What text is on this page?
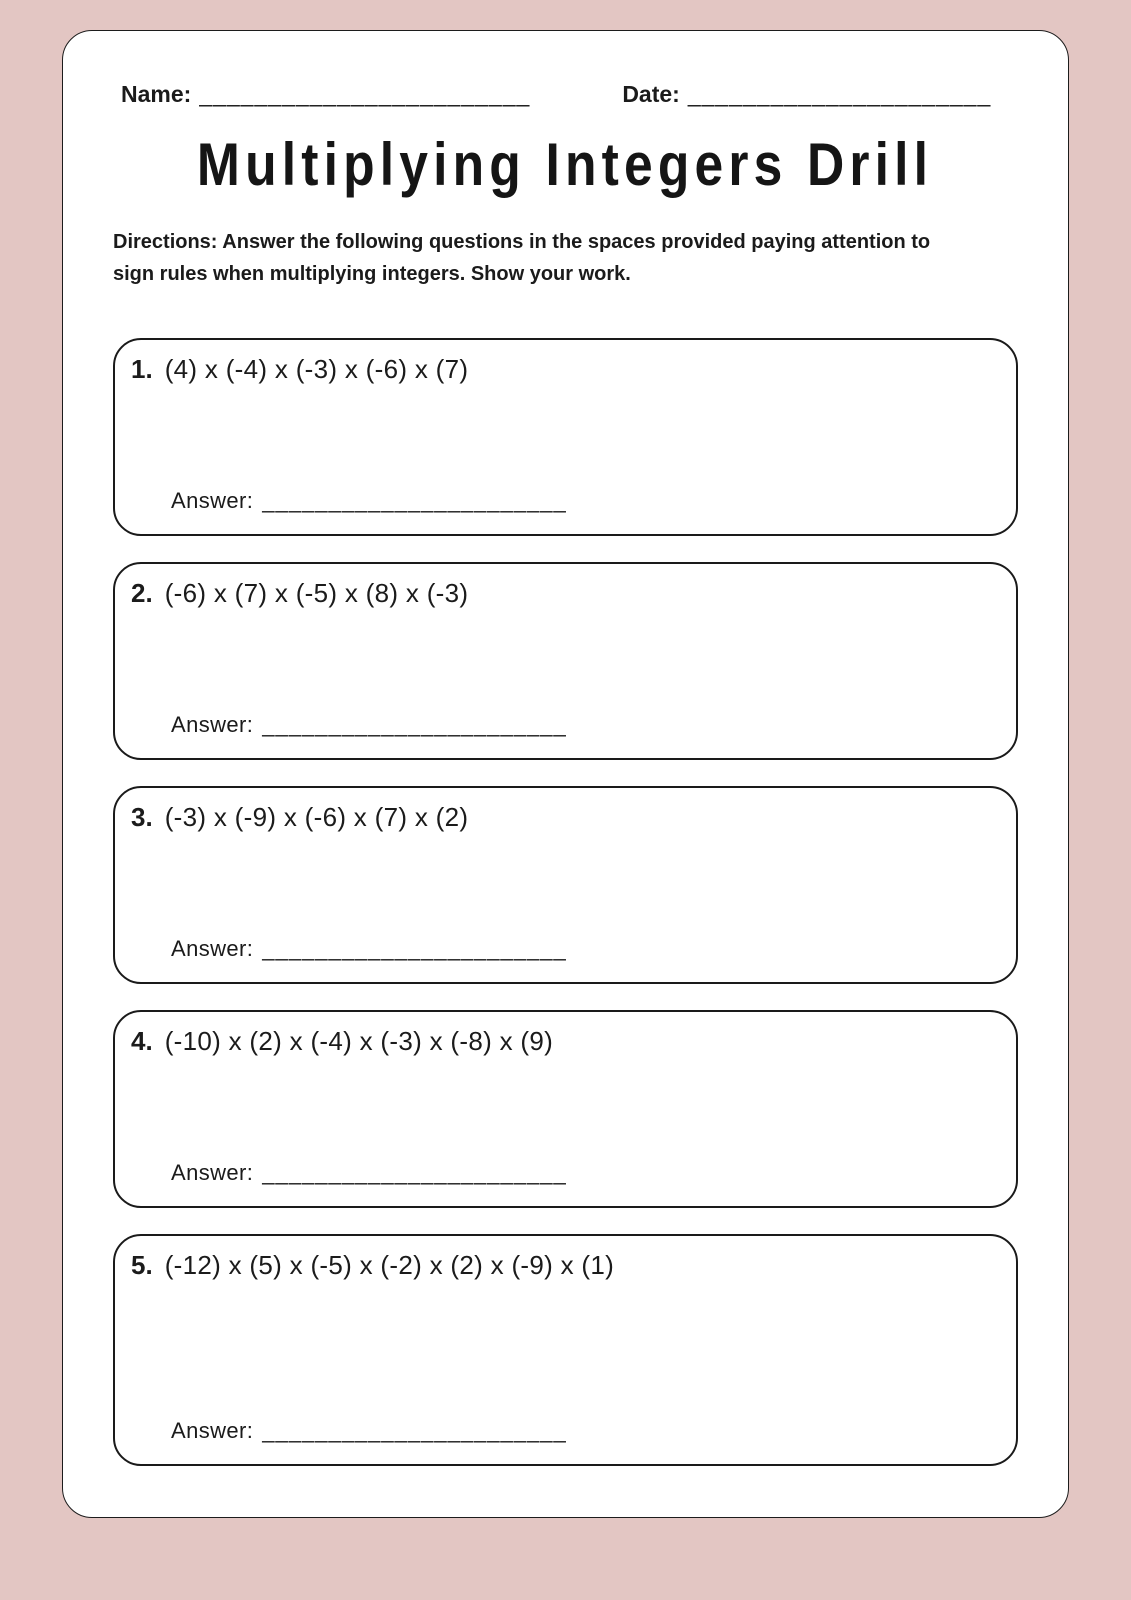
Name: ________________________	Date: ______________________
Multiplying Integers Drill

Directions: Answer the following questions in the spaces provided paying attention to sign rules when multiplying integers. Show your work.

1. (4) x (-4) x (-3) x (-6) x (7)
Answer: _______________________
2. (-6) x (7) x (-5) x (8) x (-3)
Answer: _______________________
3. (-3) x (-9) x (-6) x (7) x (2)
Answer: _______________________
4. (-10) x (2) x (-4) x (-3) x (-8) x (9)
Answer: _______________________
5. (-12) x (5) x (-5) x (-2) x (2) x (-9) x (1)
Answer: _______________________
